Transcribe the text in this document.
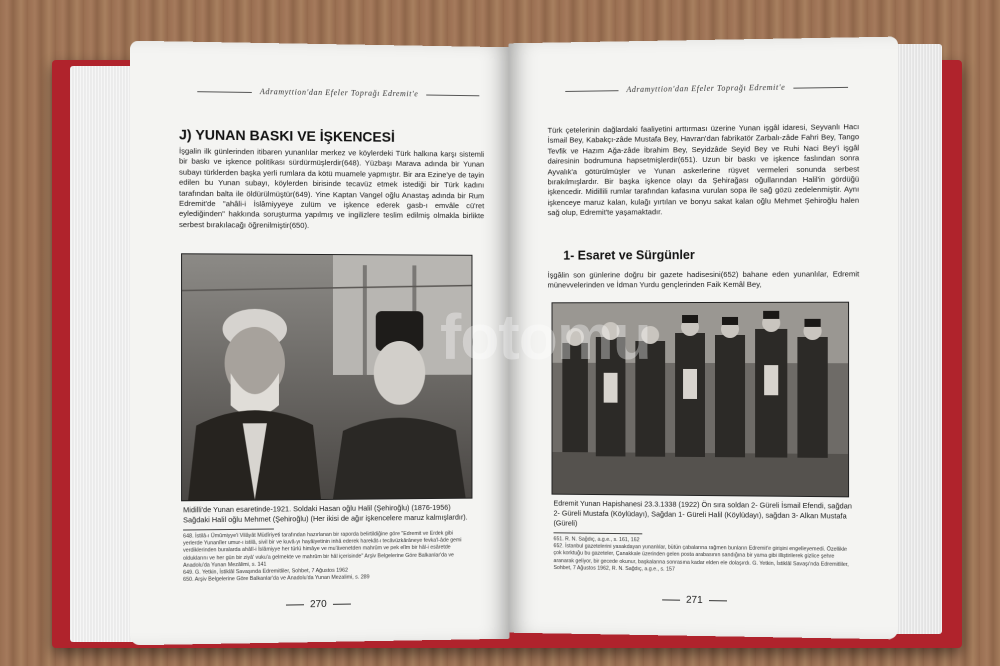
Adramyttion'dan Efeler Toprağı Edremit'e
J) YUNAN BASKI VE İŞKENCESİ
İşgalin ilk günlerinden itibaren yunanlılar merkez ve köylerdeki Türk halkına karşı sistemli bir baskı ve işkence politikası sürdürmüşlerdir(648). Yüzbaşı Marava adında bir Yunan subayı türklerden başka yerli rumlara da kötü muamele yapmıştır. Bir ara Ezine'ye de tayin edilen bu Yunan subayı, köylerden birisinde tecavüz etmek istediği bir Türk kadını tarafından balta ile öldürülmüştür(649). Yine Kaptan Vangel oğlu Anastaş adında bir Rum Edremit'de "ahâli-i İslâmiyyeye zulüm ve işkence ederek gasb-ı emvâle cü'ret eylediğinden" hakkında soruşturma yapılmış ve ingilizlere teslim edilmiş olmakla birlikte serbest bırakılacağı öğrenilmiştir(650).
Midilli'de Yunan esaretinde-1921. Soldaki Hasan oğlu Halil (Şehiroğlu) (1876-1956) Sağdaki Halil oğlu Mehmet (Şehiroğlu) (Her ikisi de ağır işkencelere maruz kalmışlardır).
648. İstilâ-ı Ümûmiyye'i Vilâyât Müdîriyeti tarafından hazırlanan bir raporda belirtildiğine göre "Edremit ve Erdek gibi yerlerde Yunanîler umur-ı istilâ, sivil bir ve kuvâ-yı hayâiyetinin inhâ ederek harekât-ı tecâvüzkârâneye fevka'l-âde gemi verdiklerinden buralarda ahâlî-i İslâmiyye her türlü himâye ve mu'âvenetden mahrûm ve pek elîm bir hâl-i esâretde olduklarını ve her gün bir ziyâ' vuku'a gelmekte ve mahrûm bir hâl içerisinde" Arşiv Belgelerine Göre Balkanlar'da ve Anadolu'da Yunan Mezâlimi, s. 141
649. G. Yetkin, İstiklâl Savaşında Edremitliler, Sohbet, 7 Ağustos 1962
650. Arşiv Belgelerine Göre Balkanlar'da ve Anadolu'da Yunan Mezalimi, s. 289
270
Adramyttion'dan Efeler Toprağı Edremit'e
Türk çetelerinin dağlardaki faaliyetini arttırması üzerine Yunan işgâl idaresi, Seyvanlı Hacı İsmail Bey, Kabakçı-zâde Mustafa Bey, Havran'dan fabrikatör Zarbalı-zâde Fahri Bey, Tango Tevfik ve Hazım Ağa-zâde İbrahim Bey, Seyidzâde Seyid Bey ve Ruhi Naci Bey'i işgâl dairesinin bodrumuna hapsetmişlerdir(651). Uzun bir baskı ve işkence faslından sonra Ayvalık'a götürülmüşler ve Yunan askerlerine rüşvet vermeleri sonunda serbest bırakılmışlardır. Bir başka işkence olayı da Şehirağası oğullarından Halil'in gördüğü işkencedir. Midillili rumlar tarafından kafasına vurulan sopa ile sağ gözü zedelenmiştir. Aynı işkenceye maruz kalan, kulağı yırtılan ve bonyu sakat kalan oğlu Mehmet Şehiroğlu halen sağ olup, Edremit'te yaşamaktadır.
1- Esaret ve Sürgünler
İşgâlin son günlerine doğru bir gazete hadisesini(652) bahane eden yunanlılar, Edremit münevvelerinden ve İdman Yurdu gençlerinden Faik Kemâl Bey,
Edremit Yunan Hapishanesi 23.3.1338 (1922) Ön sıra soldan 2- Güreli İsmail Efendi, sağdan 2- Güreli Mustafa (Köylüdayı), Sağdan 1- Güreli Halil (Köylüdayı), sağdan 3- Alkan Mustafa (Güreli)
651. R. N. Sağdıç, a.g.e., s. 161, 162
652. İstanbul gazetelerini yasakdayan yunanlılar, bütün çabalarına rağmen bunların Edremit'e girişini engelleyemedi. Özellikle çok korktuğu bu gazeteler, Çanakkale üzerinden gelen posta arabasının sandığına bir yama gibi illiştirilerek gizlice şehre aranarak geliyor, bir gecede okunur, başkalarına sonrasına kadar elden ele dolaşırdı. G. Yetkin, İstiklâl Savaşı'nda Edremitliler, Sohbet, 7 Ağustos 1962, R. N. Sağdıç, a.g.e., s. 157
271
fotomu
